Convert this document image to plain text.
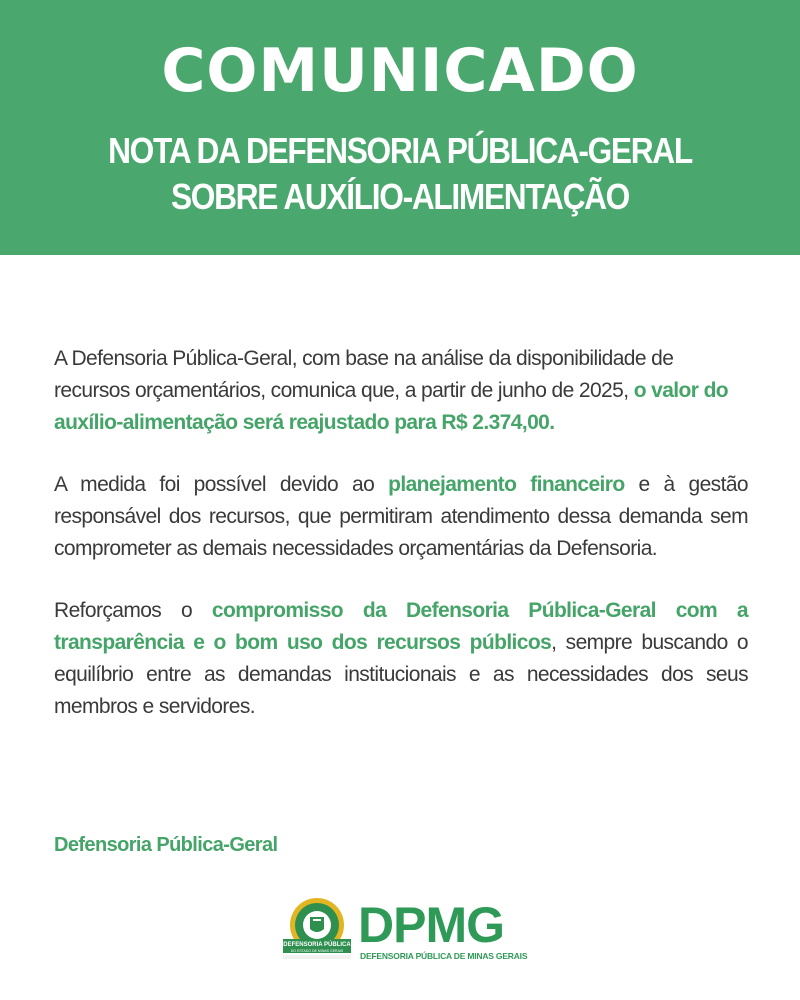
COMUNICADO
NOTA DA DEFENSORIA PÚBLICA-GERAL
SOBRE AUXÍLIO-ALIMENTAÇÃO

A Defensoria Pública-Geral, com base na análise da disponibilidade de recursos orçamentários, comunica que, a partir de junho de 2025, o valor do auxílio-alimentação será reajustado para R$ 2.374,00.

A medida foi possível devido ao planejamento financeiro e à gestão responsável dos recursos, que permitiram atendimento dessa demanda sem comprometer as demais necessidades orçamentárias da Defensoria.

Reforçamos o compromisso da Defensoria Pública-Geral com a transparência e o bom uso dos recursos públicos, sempre buscando o equilíbrio entre as demandas institucionais e as necessidades dos seus membros e servidores.

Defensoria Pública-Geral
DEFENSORIA PÚBLICA
DO ESTADO DE MINAS GERAIS DPMG
DEFENSORIA PÚBLICA DE MINAS GERAIS
